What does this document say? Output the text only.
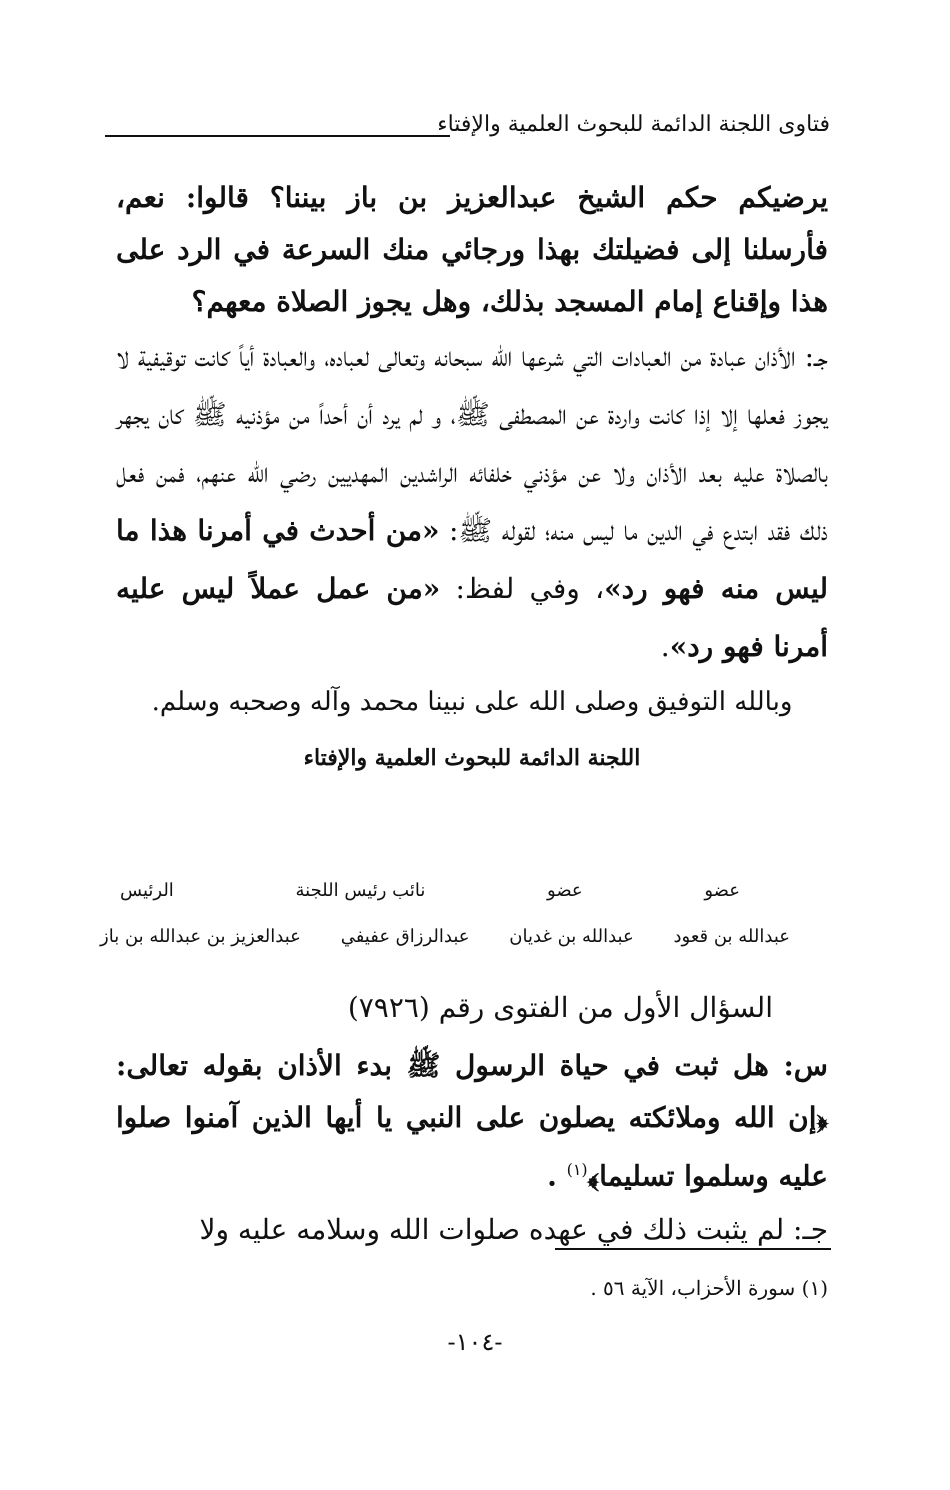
فتاوى اللجنة الدائمة للبحوث العلمية والإفتاء

يرضيكم حكم الشيخ عبدالعزيز بن باز بيننا؟ قالوا: نعم، فأرسلنا إلى فضيلتك بهذا ورجائي منك السرعة في الرد على هذا وإقناع إمام المسجد بذلك، وهل يجوز الصلاة معهم؟

جـ: الأذان عبادة من العبادات التي شرعها الله سبحانه وتعالى لعباده، والعبادة أياً كانت توقيفية لا يجوز فعلها إلا إذا كانت واردة عن المصطفى ﷺ، و لم يرد أن أحداً من مؤذنيه ﷺ كان يجهر بالصلاة عليه بعد الأذان ولا عن مؤذني خلفائه الراشدين المهديين رضي الله عنهم، فمن فعل ذلك فقد ابتدع في الدين ما ليس منه؛ لقوله ﷺ: «من أحدث في أمرنا هذا ما ليس منه فهو رد»، وفي لفظ: «من عمل عملاً ليس عليه أمرنا فهو رد».

وبالله التوفيق وصلى الله على نبينا محمد وآله وصحبه وسلم.

اللجنة الدائمة للبحوث العلمية والإفتاء

عضو
عضو
نائب رئيس اللجنة
الرئيس
عبدالله بن قعود
عبدالله بن غديان
عبدالرزاق عفيفي
عبدالعزيز بن عبدالله بن باز

السؤال الأول من الفتوى رقم (٧٩٢٦)

س: هل ثبت في حياة الرسول ﷺ بدء الأذان بقوله تعالى: ﴿إن الله وملائكته يصلون على النبي يا أيها الذين آمنوا صلوا عليه وسلموا تسليما﴾$^{(١)}$ .

جـ: لم يثبت ذلك في عهده صلوات الله وسلامه عليه ولا

(١) سورة الأحزاب، الآية ٥٦ .
-١٠٤-
